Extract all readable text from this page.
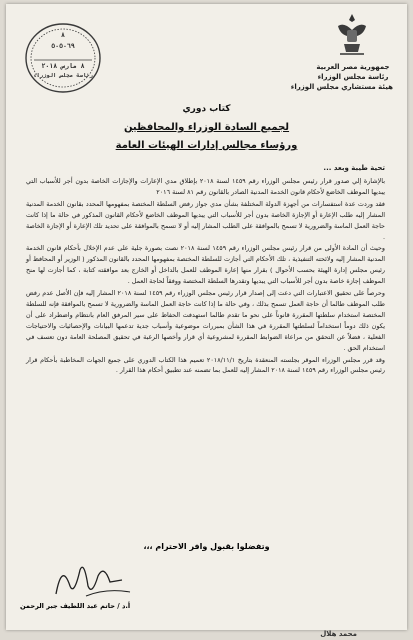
جمهورية مصر العربية
رئاسة مجلس الوزراء
هيئة مستشاري مجلس الوزراء
٨
٥٠٥٠٦٩
٨ مارس ٢٠١٨
رئاسة مجلس الوزراء
كتاب دوري
لجميع السادة الوزراء والمحافظين
ورؤساء مجالس إدارات الهيئات العامة
تحية طيبة وبعد ...

بالإشارة إلي صدور قرار رئيس مجلس الوزراء رقم ١٤٥٩ لسنة ٢٠١٨ بإطلاق مدي الإعارات والإجازات الخاصة بدون أجر للأسباب التي يبديها الموظف الخاضع لأحكام قانون الخدمة المدنية الصادر بالقانون رقم ٨١ لسنة ٢٠١٦

فقد وردت عدة استفسارات من أجهزة الدولة المختلفة بشأن مدي جواز رفض السلطة المختصة بمفهومها المحدد بقانون الخدمة المدنية المشار إليه طلب الإعارة أو الإجازة الخاصة بدون أجر للأسباب التي يبديها الموظف الخاضع لأحكام القانون المذكور في حالة ما إذا كانت حاجة العمل الماسة والضرورية لا تسمح بالموافقة على الطلب المشار إليه أو لا تسمح بالموافقة على تحديد تلك الإعارة أو الإجازة الخاصة .

وحيث أن المادة الأولى من قرار رئيس مجلس الوزراء رقم ١٤٥٩ لسنة ٢٠١٨ نصت بصورة جلية على عدم الإخلال بأحكام قانون الخدمة المدنية المشار إليه ولائحته التنفيذية ، تلك الأحكام التي أجازت للسلطة المختصة بمفهومها المحدد بالقانون المذكور ( الوزير أو المحافظ أو رئيس مجلس إدارة الهيئة بحسب الأحوال ) بقرار منها إعارة الموظف للعمل بالداخل أو الخارج بعد موافقته كتابة ، كما أجازت لها منح الموظف إجازة خاصة بدون أجر للأسباب التي يبديها وتقدرها السلطة المختصة ووفقاً لحاجة العمل .

وحرصاً على تحقيق الاعتبارات التي دعت إلى إصدار قرار رئيس مجلس الوزراء رقم ١٤٥٩ لسنة ٢٠١٨ المشار إليه فإن الأصل عدم رفض طلب الموظف طالما أن حاجة العمل تسمح بذلك ، وفي حالة ما إذا كانت حاجة العمل الماسة والضرورية لا تسمح بالموافقة فإنه للسلطة المختصة استخدام سلطتها المقررة قانوناً على نحو ما تقدم طالما استهدفت الحفاظ على سير المرفق العام بانتظام واضطراد على أن يكون ذلك دوماً استخداماً لسلطتها المقررة في هذا الشأن بمبررات موضوعية وأسباب جدية تدعمها البيانات والإحصائيات والاحتياجات الفعلية ، فضلاً عن التحقق من مراعاة الضوابط المقررة لمشروعية أي قرار وأخصها الرغبة في تحقيق المصلحة العامة دون تعسف في استخدام الحق .

وقد قرر مجلس الوزراء الموقر بجلسته المنعقدة بتاريخ ٢٠١٨/١١/١ تعميم هذا الكتاب الدوري على جميع الجهات المخاطبة بأحكام قرار رئيس مجلس الوزراء رقم ١٤٥٩ لسنة ٢٠١٨ المشار إليه للعمل بما تضمنه عند تطبيق أحكام هذا القرار .

وتفضلوا بقبول وافر الاحترام ،،،
أ.د / حاتم عبد اللطيف جبر الرحمن
محمد هلال
